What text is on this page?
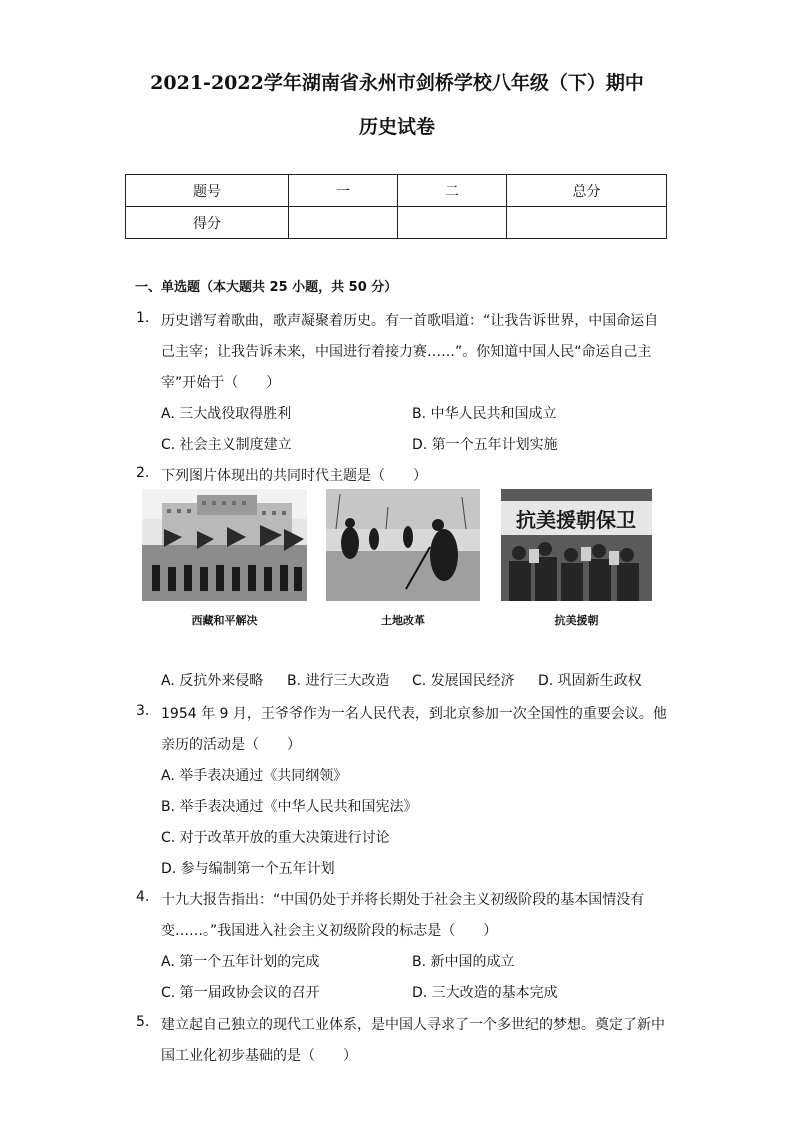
2021-2022学年湖南省永州市剑桥学校八年级（下）期中
历史试卷
题号	一	二	总分
得分			
一、单选题（本大题共 25 小题，共 50 分）
1. 历史谱写着歌曲，歌声凝聚着历史。有一首歌唱道：“让我告诉世界，中国命运自
己主宰；让我告诉未来，中国进行着接力赛……”。你知道中国人民“命运自己主
宰”开始于（　　）
A. 三大战役取得胜利	B. 中华人民共和国成立
C. 社会主义制度建立	D. 第一个五年计划实施
2. 下列图片体现出的共同时代主题是（　　）
抗美援朝保卫
西藏和平解决	土地改革	抗美援朝
A. 反抗外来侵略 B. 进行三大改造 C. 发展国民经济 D. 巩固新生政权
3. 1954 年 9 月，王爷爷作为一名人民代表，到北京参加一次全国性的重要会议。他
亲历的活动是（　　）
A. 举手表决通过《共同纲领》
B. 举手表决通过《中华人民共和国宪法》
C. 对于改革开放的重大决策进行讨论
D. 参与编制第一个五年计划
4. 十九大报告指出：“中国仍处于并将长期处于社会主义初级阶段的基本国情没有
变……。”我国进入社会主义初级阶段的标志是（　　）
A. 第一个五年计划的完成	B. 新中国的成立
C. 第一届政协会议的召开	D. 三大改造的基本完成
5. 建立起自己独立的现代工业体系，是中国人寻求了一个多世纪的梦想。奠定了新中
国工业化初步基础的是（　　）
